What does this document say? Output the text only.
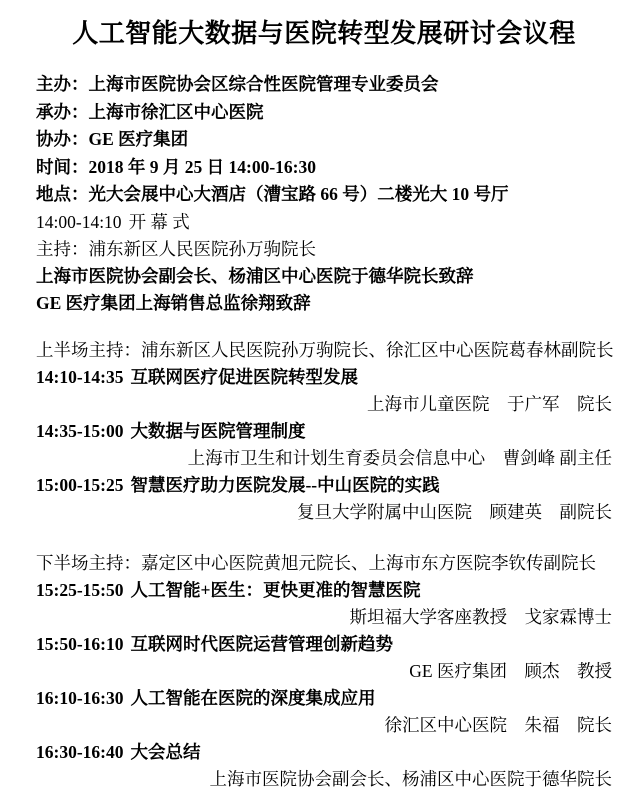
人工智能大数据与医院转型发展研讨会议程

主办：上海市医院协会区综合性医院管理专业委员会

承办：上海市徐汇区中心医院

协办：GE 医疗集团

时间：2018 年 9 月 25 日 14:00-16:30

地点：光大会展中心大酒店（漕宝路 66 号）二楼光大 10 号厅

14:00-14:10 开 幕 式

主持：浦东新区人民医院孙万驹院长

上海市医院协会副会长、杨浦区中心医院于德华院长致辞

GE 医疗集团上海销售总监徐翔致辞

上半场主持：浦东新区人民医院孙万驹院长、徐汇区中心医院葛春林副院长

14:10-14:35 互联网医疗促进医院转型发展

上海市儿童医院　于广军　院长

14:35-15:00 大数据与医院管理制度

上海市卫生和计划生育委员会信息中心　曹剑峰 副主任

15:00-15:25 智慧医疗助力医院发展--中山医院的实践

复旦大学附属中山医院　顾建英　副院长

下半场主持：嘉定区中心医院黄旭元院长、上海市东方医院李钦传副院长

15:25-15:50 人工智能+医生：更快更准的智慧医院

斯坦福大学客座教授　戈家霖博士

15:50-16:10 互联网时代医院运营管理创新趋势

GE 医疗集团　顾杰　教授

16:10-16:30 人工智能在医院的深度集成应用

徐汇区中心医院　朱福　院长

16:30-16:40 大会总结

上海市医院协会副会长、杨浦区中心医院于德华院长
